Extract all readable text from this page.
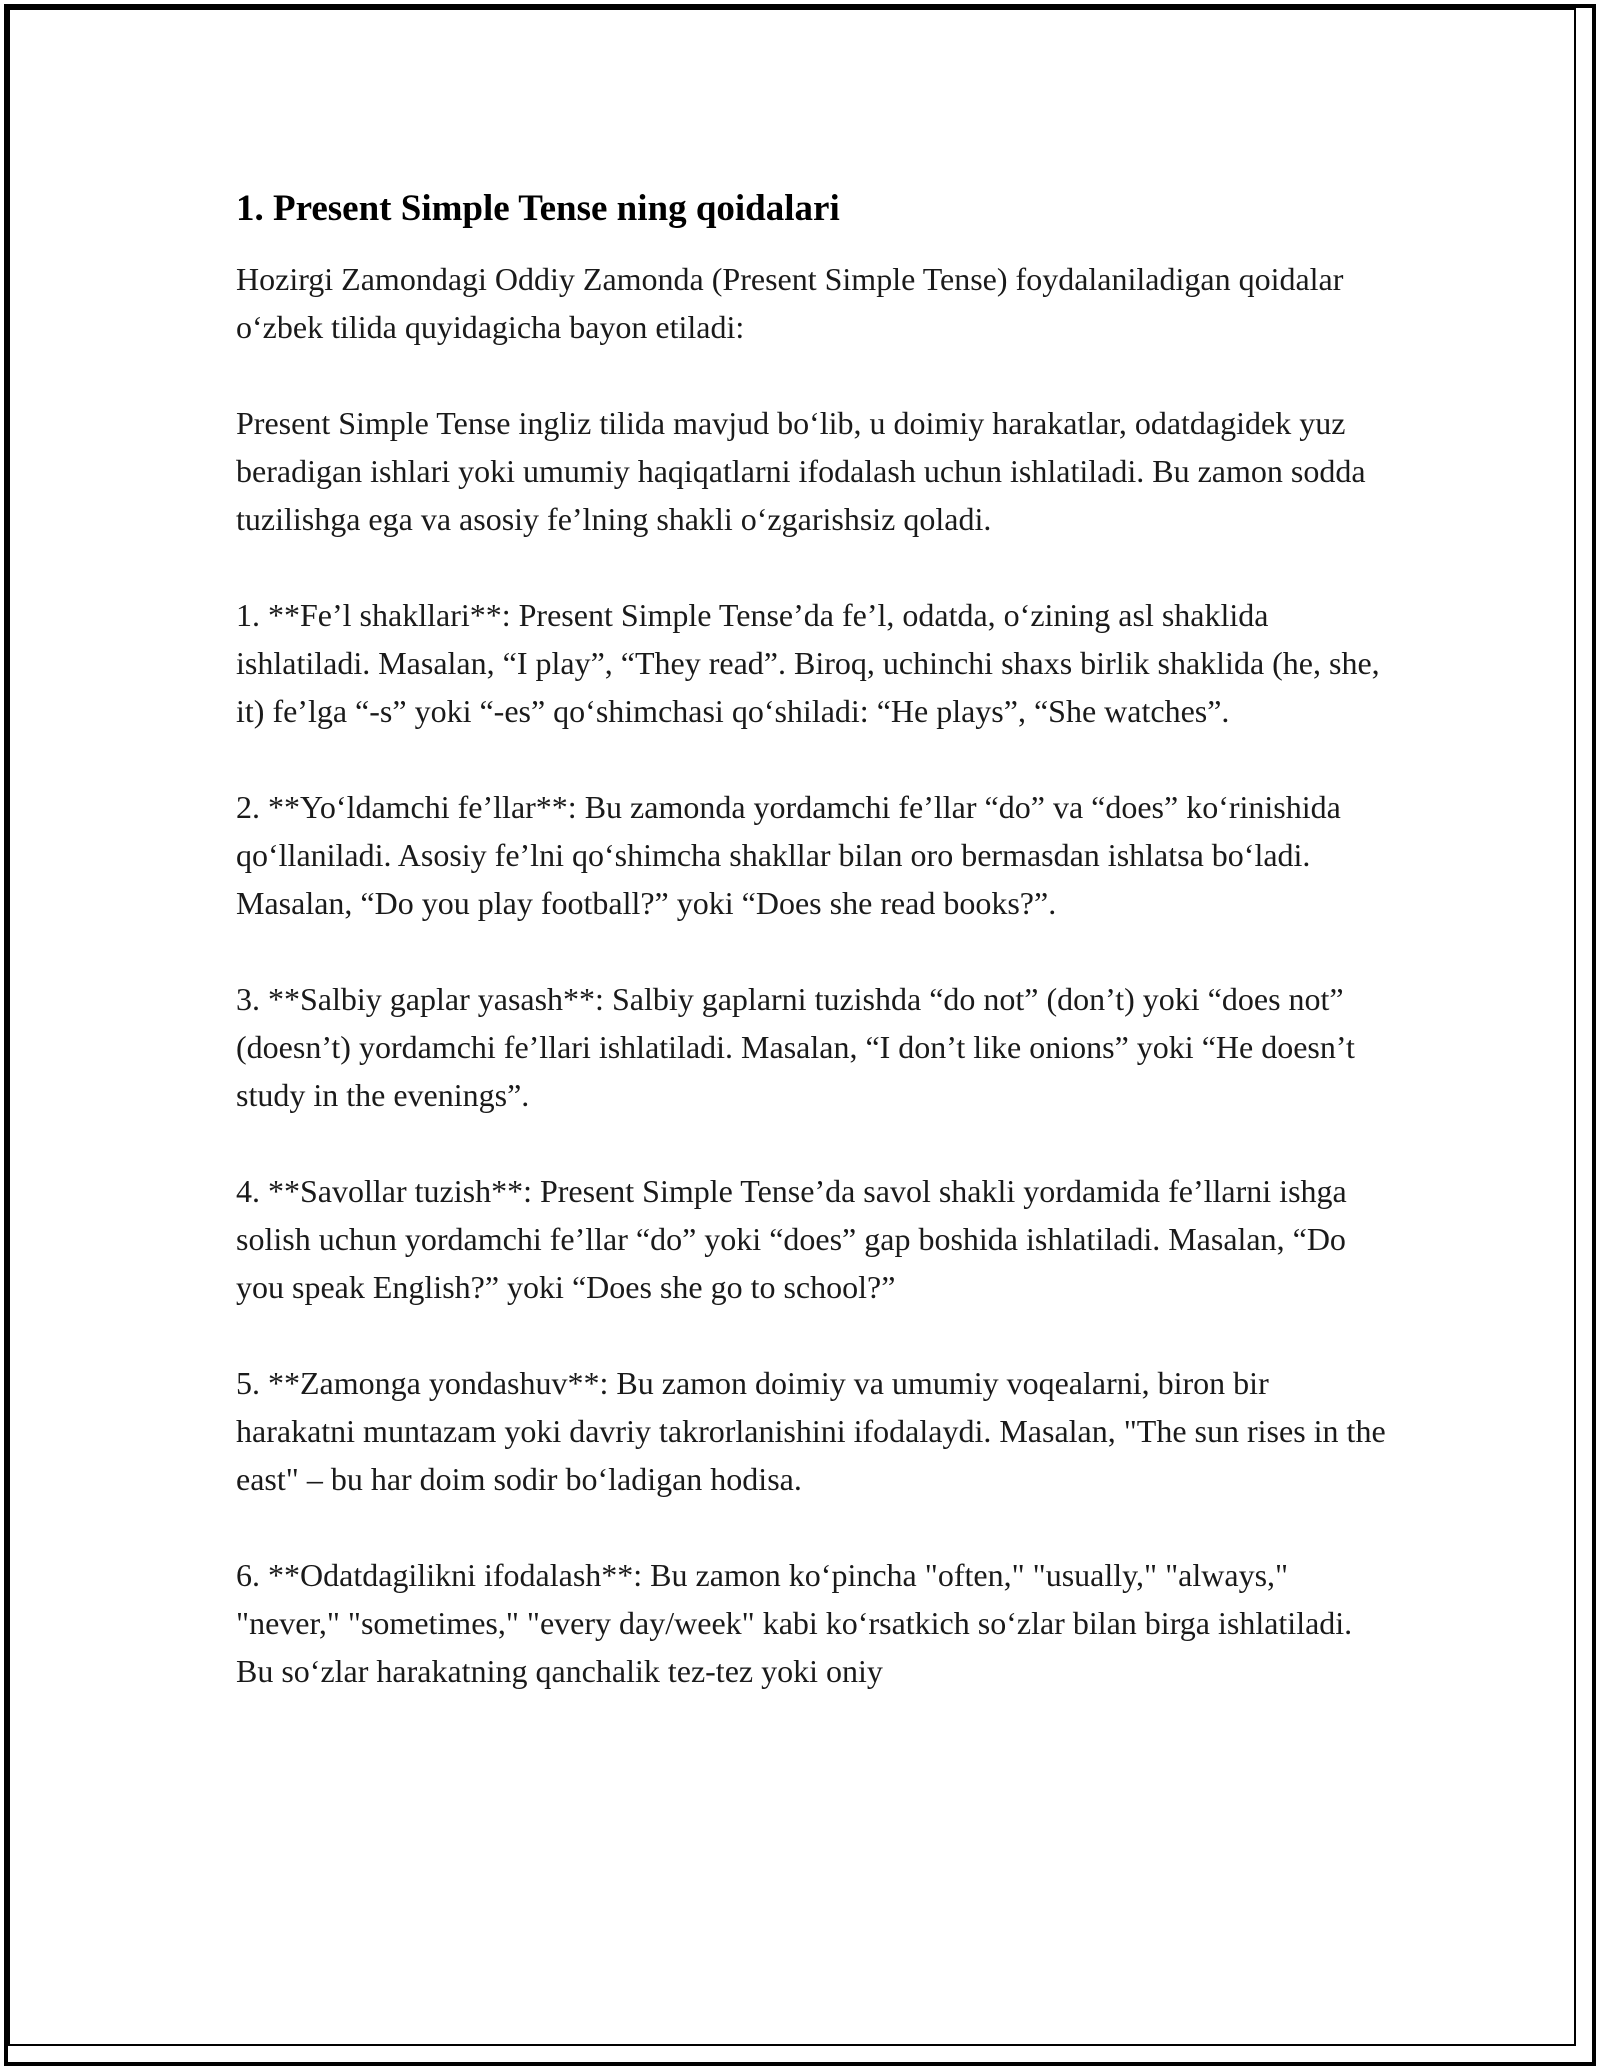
1. Present Simple Tense ning qoidalari

Hozirgi Zamondagi Oddiy Zamonda (Present Simple Tense) foydalaniladigan qoidalar o‘zbek tilida quyidagicha bayon etiladi:

Present Simple Tense ingliz tilida mavjud bo‘lib, u doimiy harakatlar, odatdagidek yuz beradigan ishlari yoki umumiy haqiqatlarni ifodalash uchun ishlatiladi. Bu zamon sodda tuzilishga ega va asosiy fe’lning shakli o‘zgarishsiz qoladi.

1. **Fe’l shakllari**: Present Simple Tense’da fe’l, odatda, o‘zining asl shaklida ishlatiladi. Masalan, “I play”, “They read”. Biroq, uchinchi shaxs birlik shaklida (he, she, it) fe’lga “-s” yoki “-es” qo‘shimchasi qo‘shiladi: “He plays”, “She watches”.

2. **Yo‘ldamchi fe’llar**: Bu zamonda yordamchi fe’llar “do” va “does” ko‘rinishida qo‘llaniladi. Asosiy fe’lni qo‘shimcha shakllar bilan oro bermasdan ishlatsa bo‘ladi. Masalan, “Do you play football?” yoki “Does she read books?”.

3. **Salbiy gaplar yasash**: Salbiy gaplarni tuzishda “do not” (don’t) yoki “does not” (doesn’t) yordamchi fe’llari ishlatiladi. Masalan, “I don’t like onions” yoki “He doesn’t study in the evenings”.

4. **Savollar tuzish**: Present Simple Tense’da savol shakli yordamida fe’llarni ishga solish uchun yordamchi fe’llar “do” yoki “does” gap boshida ishlatiladi. Masalan, “Do you speak English?” yoki “Does she go to school?”

5. **Zamonga yondashuv**: Bu zamon doimiy va umumiy voqealarni, biron bir harakatni muntazam yoki davriy takrorlanishini ifodalaydi. Masalan, "The sun rises in the east" – bu har doim sodir bo‘ladigan hodisa.

6. **Odatdagilikni ifodalash**: Bu zamon ko‘pincha "often," "usually," "always," "never," "sometimes," "every day/week" kabi ko‘rsatkich so‘zlar bilan birga ishlatiladi. Bu so‘zlar harakatning qanchalik tez-tez yoki oniy
